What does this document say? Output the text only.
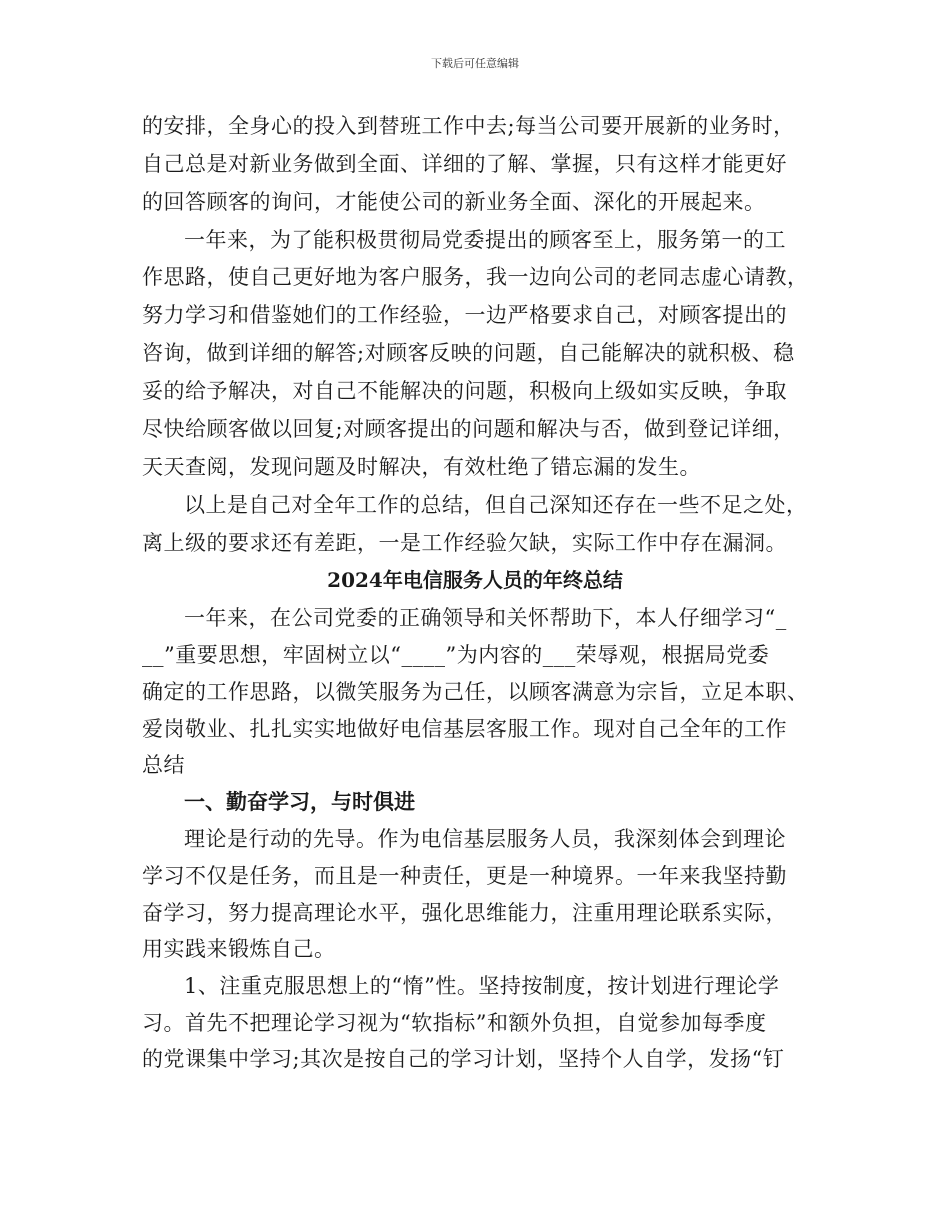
下载后可任意编辑
的安排，全身心的投入到替班工作中去;每当公司要开展新的业务时，
自己总是对新业务做到全面、详细的了解、掌握，只有这样才能更好
的回答顾客的询问，才能使公司的新业务全面、深化的开展起来。
一年来，为了能积极贯彻局党委提出的顾客至上，服务第一的工
作思路，使自己更好地为客户服务，我一边向公司的老同志虚心请教，
努力学习和借鉴她们的工作经验，一边严格要求自己，对顾客提出的
咨询，做到详细的解答;对顾客反映的问题，自己能解决的就积极、稳
妥的给予解决，对自己不能解决的问题，积极向上级如实反映，争取
尽快给顾客做以回复;对顾客提出的问题和解决与否，做到登记详细，
天天查阅，发现问题及时解决，有效杜绝了错忘漏的发生。
以上是自己对全年工作的总结，但自己深知还存在一些不足之处，
离上级的要求还有差距，一是工作经验欠缺，实际工作中存在漏洞。
2024年电信服务人员的年终总结
一年来，在公司党委的正确领导和关怀帮助下，本人仔细学习“_
__”重要思想，牢固树立以“____”为内容的___荣辱观，根据局党委
确定的工作思路，以微笑服务为己任，以顾客满意为宗旨，立足本职、
爱岗敬业、扎扎实实地做好电信基层客服工作。现对自己全年的工作
总结
一、勤奋学习，与时俱进
理论是行动的先导。作为电信基层服务人员，我深刻体会到理论
学习不仅是任务，而且是一种责任，更是一种境界。一年来我坚持勤
奋学习，努力提高理论水平，强化思维能力，注重用理论联系实际，
用实践来锻炼自己。
1、注重克服思想上的“惰”性。坚持按制度，按计划进行理论学
习。首先不把理论学习视为“软指标”和额外负担，自觉参加每季度
的党课集中学习;其次是按自己的学习计划，坚持个人自学，发扬“钉
